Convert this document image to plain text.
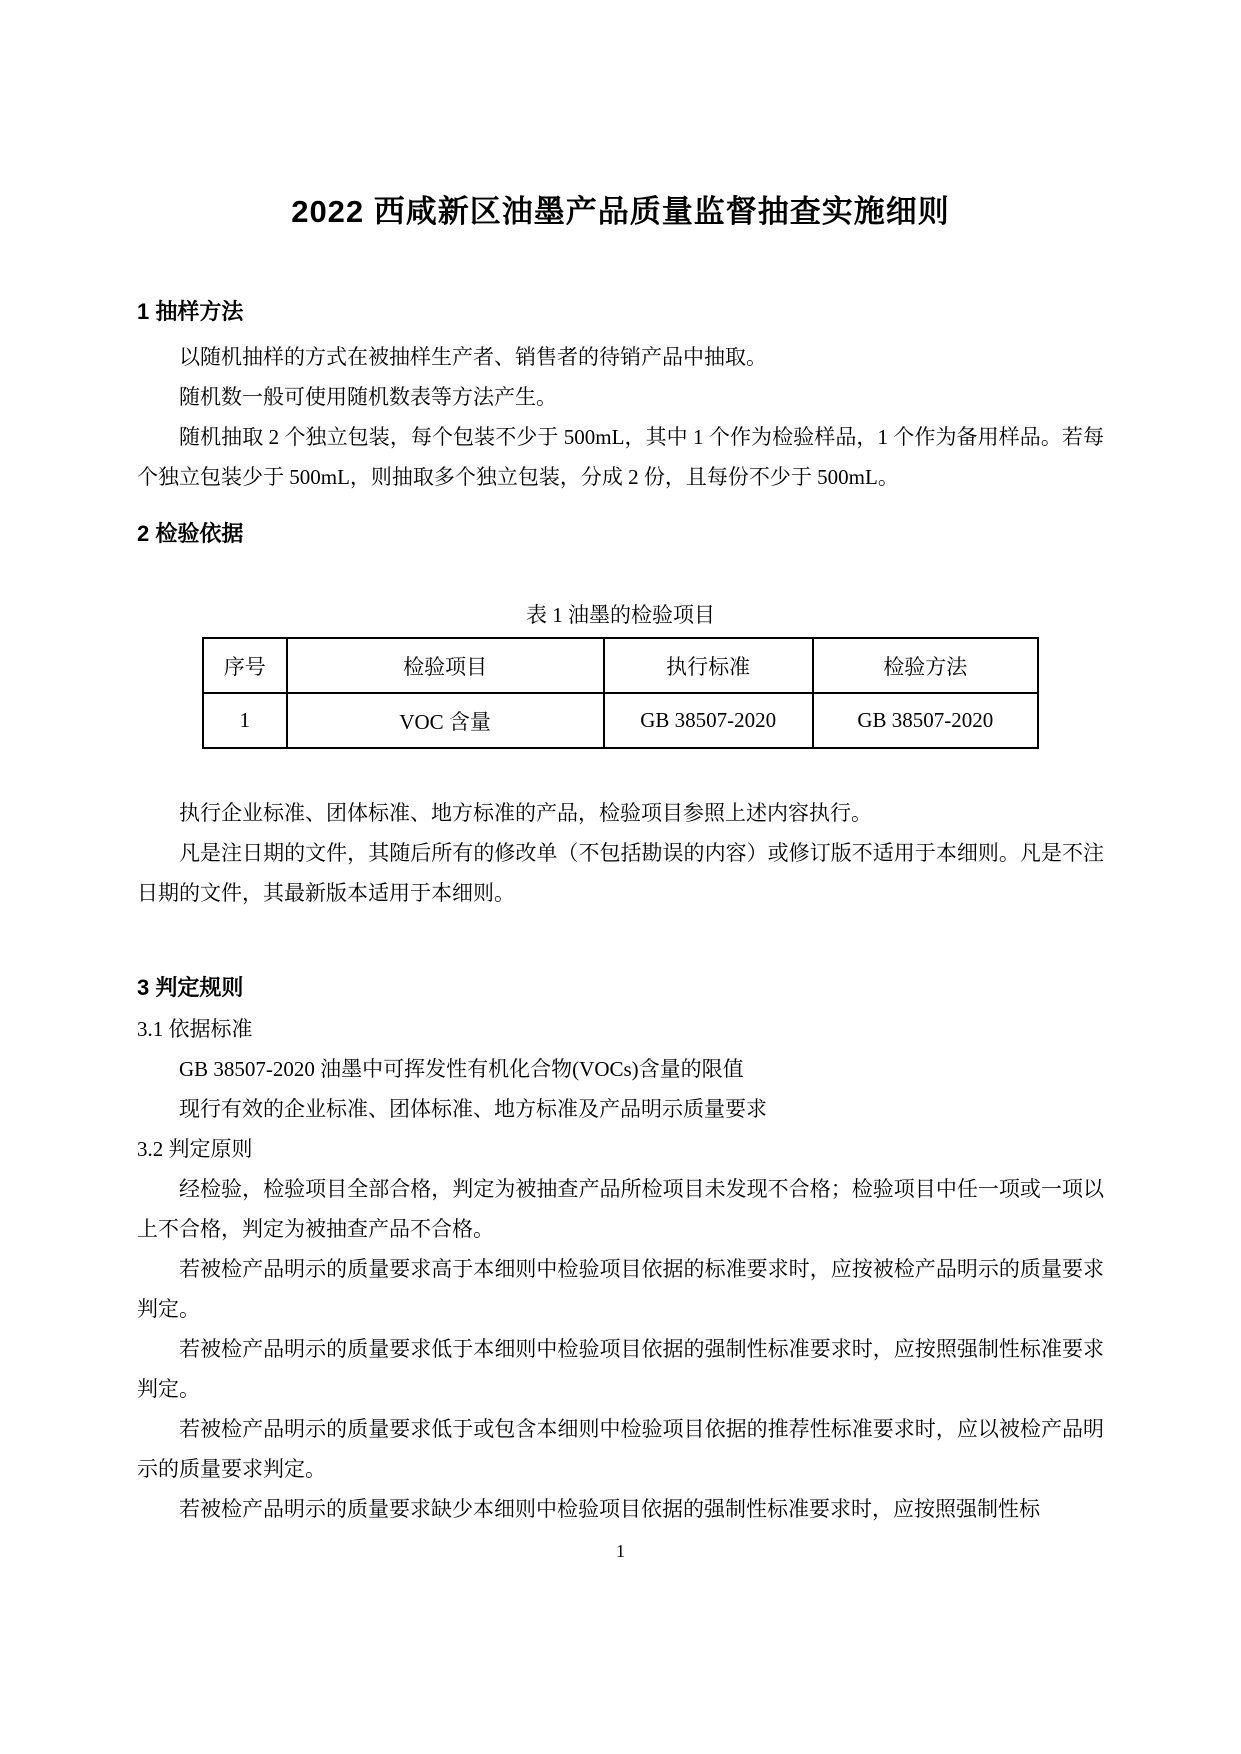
2022 西咸新区油墨产品质量监督抽查实施细则
1 抽样方法

以随机抽样的方式在被抽样生产者、销售者的待销产品中抽取。

随机数一般可使用随机数表等方法产生。

随机抽取 2 个独立包装，每个包装不少于 500mL，其中 1 个作为检验样品，1 个作为备用样品。若每个独立包装少于 500mL，则抽取多个独立包装，分成 2 份，且每份不少于 500mL。

2 检验依据
表 1 油墨的检验项目
序号	检验项目	执行标准	检验方法
1	VOC 含量	GB 38507-2020	GB 38507-2020

执行企业标准、团体标准、地方标准的产品，检验项目参照上述内容执行。

凡是注日期的文件，其随后所有的修改单（不包括勘误的内容）或修订版不适用于本细则。凡是不注日期的文件，其最新版本适用于本细则。

3 判定规则

3.1 依据标准

GB 38507-2020 油墨中可挥发性有机化合物(VOCs)含量的限值

现行有效的企业标准、团体标准、地方标准及产品明示质量要求

3.2 判定原则

经检验，检验项目全部合格，判定为被抽查产品所检项目未发现不合格；检验项目中任一项或一项以上不合格，判定为被抽查产品不合格。

若被检产品明示的质量要求高于本细则中检验项目依据的标准要求时，应按被检产品明示的质量要求判定。

若被检产品明示的质量要求低于本细则中检验项目依据的强制性标准要求时，应按照强制性标准要求判定。

若被检产品明示的质量要求低于或包含本细则中检验项目依据的推荐性标准要求时，应以被检产品明示的质量要求判定。

若被检产品明示的质量要求缺少本细则中检验项目依据的强制性标准要求时，应按照强制性标

1
